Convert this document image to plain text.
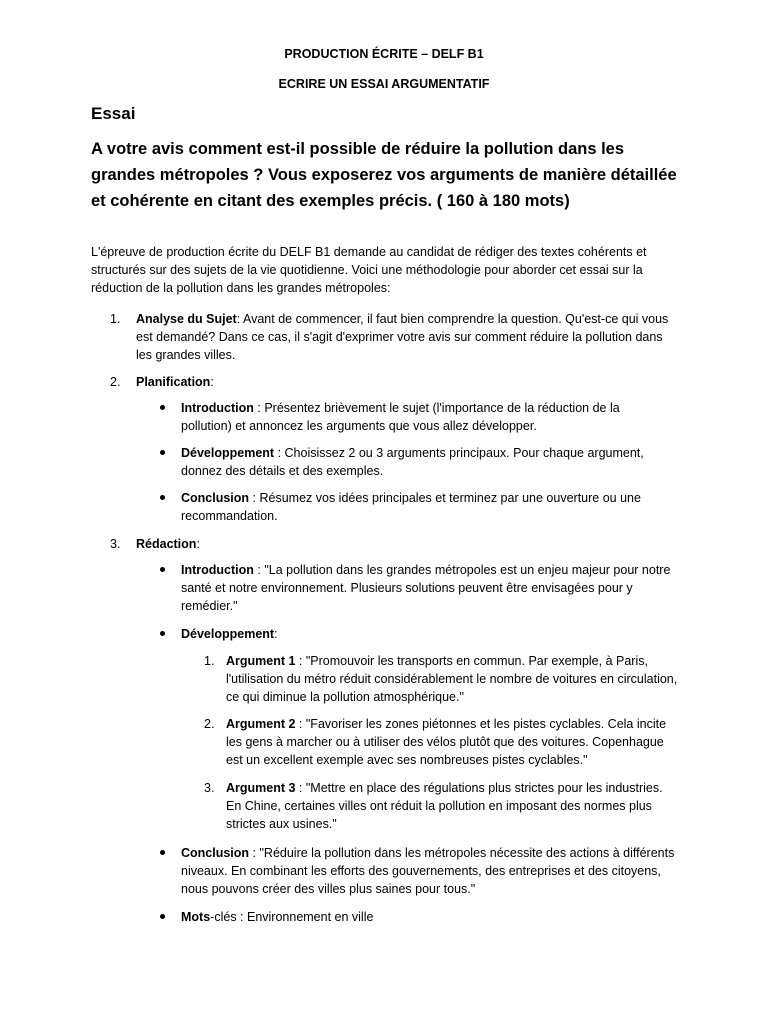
PRODUCTION ÉCRITE – DELF B1
ECRIRE UN ESSAI ARGUMENTATIF
Essai
A votre avis comment est-il possible de réduire la pollution dans les grandes métropoles ? Vous exposerez vos arguments de manière détaillée et cohérente en citant des exemples précis. ( 160 à 180 mots)
L'épreuve de production écrite du DELF B1 demande au candidat de rédiger des textes cohérents et structurés sur des sujets de la vie quotidienne. Voici une méthodologie pour aborder cet essai sur la réduction de la pollution dans les grandes métropoles:
1. Analyse du Sujet: Avant de commencer, il faut bien comprendre la question. Qu'est-ce qui vous est demandé? Dans ce cas, il s'agit d'exprimer votre avis sur comment réduire la pollution dans les grandes villes.
2. Planification:
Introduction : Présentez brièvement le sujet (l'importance de la réduction de la pollution) et annoncez les arguments que vous allez développer.
Développement : Choisissez 2 ou 3 arguments principaux. Pour chaque argument, donnez des détails et des exemples.
Conclusion : Résumez vos idées principales et terminez par une ouverture ou une recommandation.
3. Rédaction:
Introduction : "La pollution dans les grandes métropoles est un enjeu majeur pour notre santé et notre environnement. Plusieurs solutions peuvent être envisagées pour y remédier."
Développement:
1. Argument 1 : "Promouvoir les transports en commun. Par exemple, à Paris, l'utilisation du métro réduit considérablement le nombre de voitures en circulation, ce qui diminue la pollution atmosphérique."
2. Argument 2 : "Favoriser les zones piétonnes et les pistes cyclables. Cela incite les gens à marcher ou à utiliser des vélos plutôt que des voitures. Copenhague est un excellent exemple avec ses nombreuses pistes cyclables."
3. Argument 3 : "Mettre en place des régulations plus strictes pour les industries. En Chine, certaines villes ont réduit la pollution en imposant des normes plus strictes aux usines."
Conclusion : "Réduire la pollution dans les métropoles nécessite des actions à différents niveaux. En combinant les efforts des gouvernements, des entreprises et des citoyens, nous pouvons créer des villes plus saines pour tous."
Mots-clés : Environnement en ville
